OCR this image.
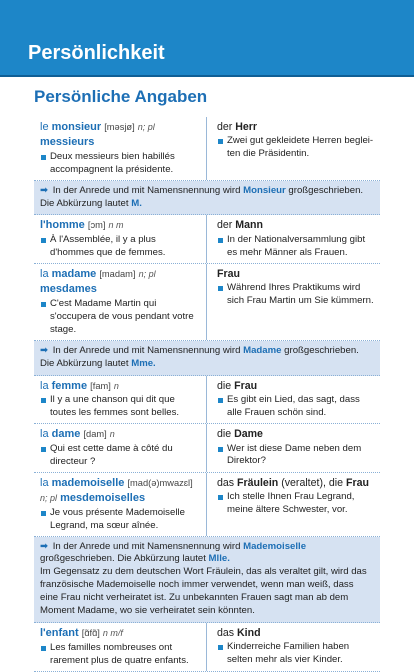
Persönlichkeit
Persönliche Angaben
le monsieur [məsjø] n; pl messieurs
Deux messieurs bien habillés accompagnent la présidente.
der Herr
Zwei gut gekleidete Herren beglei-ten die Präsidentin.
➡ In der Anrede und mit Namensnennung wird Monsieur großgeschrieben. Die Abkürzung lautet M.
l'homme [ɔm] n m
À l'Assemblée, il y a plus d'hommes que de femmes.
der Mann
In der Nationalversammlung gibt es mehr Männer als Frauen.
la madame [madam] n; pl mesdames
C'est Madame Martin qui s'occupera de vous pendant votre stage.
Frau
Während Ihres Praktikums wird sich Frau Martin um Sie kümmern.
➡ In der Anrede und mit Namensnennung wird Madame großgeschrieben. Die Abkürzung lautet Mme.
la femme [fam] n
Il y a une chanson qui dit que toutes les femmes sont belles.
die Frau
Es gibt ein Lied, das sagt, dass alle Frauen schön sind.
la dame [dam] n
Qui est cette dame à côté du directeur ?
die Dame
Wer ist diese Dame neben dem Direktor?
la mademoiselle [mad(ə)mwazɛl] n; pl mesdemoiselles
Je vous présente Mademoiselle Legrand, ma sœur aînée.
das Fräulein (veraltet), die Frau
Ich stelle Ihnen Frau Legrand, meine ältere Schwester, vor.
➡ In der Anrede und mit Namensnennung wird Mademoiselle großgeschrieben. Die Abkürzung lautet Mlle.
Im Gegensatz zu dem deutschen Wort Fräulein, das als veraltet gilt, wird das französische Mademoiselle noch immer verwendet, wenn man weiß, dass eine Frau nicht verheiratet ist. Zu unbekannten Frauen sagt man ab dem Moment Madame, wo sie verheiratet sein könnten.
l'enfant [ɑ̃fɑ̃] n m/f
Les familles nombreuses ont rarement plus de quatre enfants.
das Kind
Kinderreiche Familien haben selten mehr als vier Kinder.
